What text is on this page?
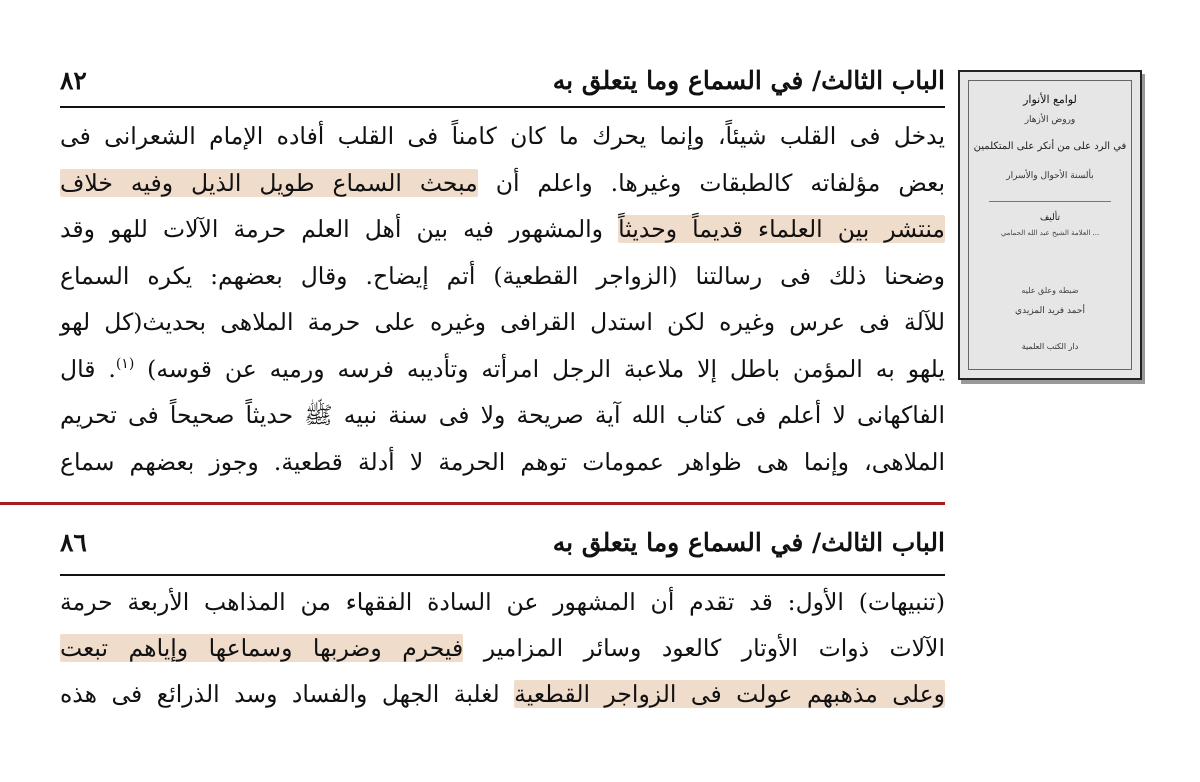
الباب الثالث/ في السماع وما يتعلق به
٨٢
يدخل فى القلب شيئاً، وإنما يحرك ما كان كامناً فى القلب أفاده الإمام الشعرانى فى
بعض مؤلفاته كالطبقات وغيرها. واعلم أن مبحث السماع طويل الذيل وفيه خلاف
منتشر بين العلماء قديماً وحديثاً والمشهور فيه بين أهل العلم حرمة الآلات للهو وقد
وضحنا ذلك فى رسالتنا (الزواجر القطعية) أتم إيضاح. وقال بعضهم: يكره السماع
للآلة فى عرس وغيره لكن استدل القرافى وغيره على حرمة الملاهى بحديث(كل لهو
يلهو به المؤمن باطل إلا ملاعبة الرجل امرأته وتأديبه فرسه ورميه عن قوسه) $^{(١)}$. قال
الفاكهانى لا أعلم فى كتاب الله آية صريحة ولا فى سنة نبيه ﷺ حديثاً صحيحاً فى تحريم
الملاهى، وإنما هى ظواهر عمومات توهم الحرمة لا أدلة قطعية. وجوز بعضهم سماع
الباب الثالث/ في السماع وما يتعلق به
٨٦
(تنبيهات) الأول: قد تقدم أن المشهور عن السادة الفقهاء من المذاهب الأربعة حرمة
الآلات ذوات الأوتار كالعود وسائر المزامير فيحرم وضربها وسماعها وإياهم تبعت
وعلى مذهبهم عولت فى الزواجر القطعية لغلبة الجهل والفساد وسد الذرائع فى هذه
لوامع الأنوار
وروض الأزهار
في الرد على من أنكر على المتكلمين
بألسنة الأحوال والأسرار
تأليف
العلامة الشيخ عبد الله الحمامي ...
ضبطه وعلق عليه
أحمد فريد المزيدي
دار الكتب العلمية
